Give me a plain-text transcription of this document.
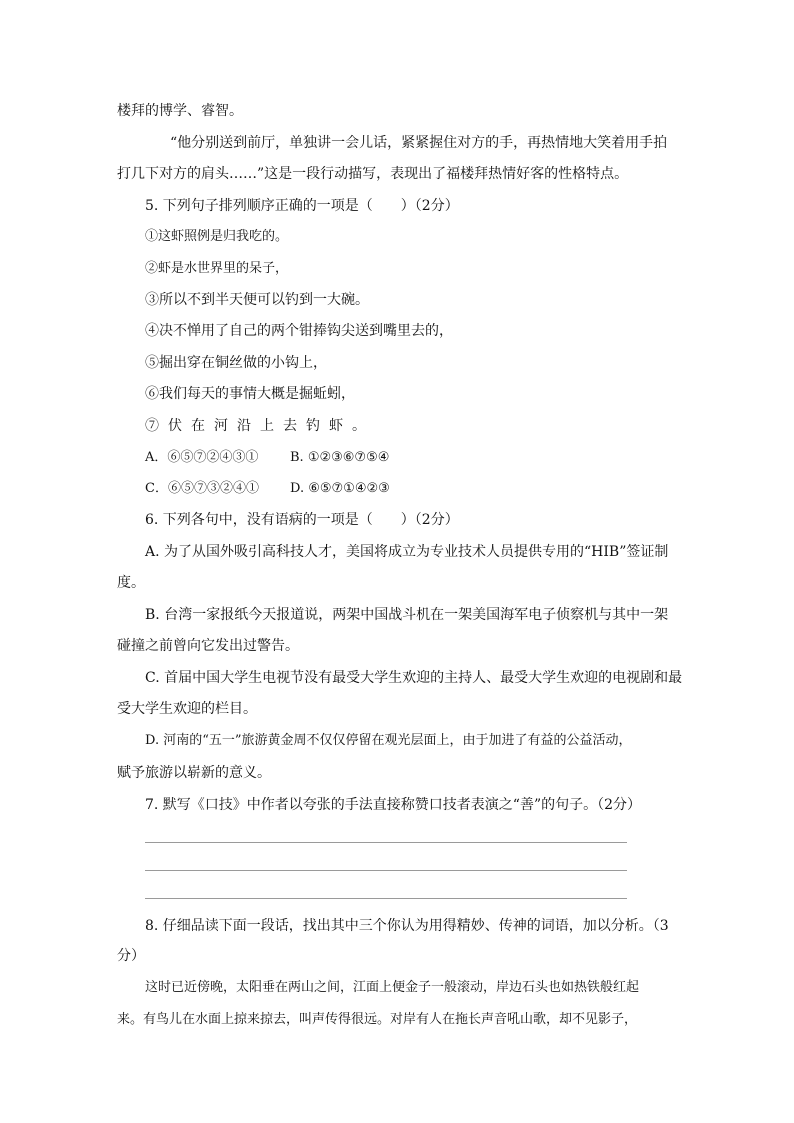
楼拜的博学、睿智。
“他分别送到前厅，单独讲一会儿话，紧紧握住对方的手，再热情地大笑着用手拍
打几下对方的肩头……”这是一段行动描写，表现出了福楼拜热情好客的性格特点。
5. 下列句子排列顺序正确的一项是（　　）（2分）
①这虾照例是归我吃的。
②虾是水世界里的呆子，
③所以不到半天便可以钓到一大碗。
④决不惮用了自己的两个钳捧钩尖送到嘴里去的，
⑤掘出穿在铜丝做的小钩上，
⑥我们每天的事情大概是掘蚯蚓，
⑦伏在河沿上去钓虾。
A．⑥⑤⑦②④③① B. ①②③⑥⑦⑤④
C．⑥⑤⑦③②④① D. ⑥⑤⑦①④②③
6. 下列各句中，没有语病的一项是（　　）（2分）
A. 为了从国外吸引高科技人才，美国将成立为专业技术人员提供专用的“HIB”签证制
度。
B. 台湾一家报纸今天报道说，两架中国战斗机在一架美国海军电子侦察机与其中一架
碰撞之前曾向它发出过警告。
C. 首届中国大学生电视节没有最受大学生欢迎的主持人、最受大学生欢迎的电视剧和最
受大学生欢迎的栏目。
D. 河南的“五一”旅游黄金周不仅仅停留在观光层面上，由于加进了有益的公益活动，
赋予旅游以崭新的意义。
7. 默写《口技》中作者以夸张的手法直接称赞口技者表演之“善”的句子。（2分）
8. 仔细品读下面一段话，找出其中三个你认为用得精妙、传神的词语，加以分析。（3
分）
这时已近傍晚，太阳垂在两山之间，江面上便金子一般滚动，岸边石头也如热铁般红起
来。有鸟儿在水面上掠来掠去，叫声传得很远。对岸有人在拖长声音吼山歌，却不见影子，
